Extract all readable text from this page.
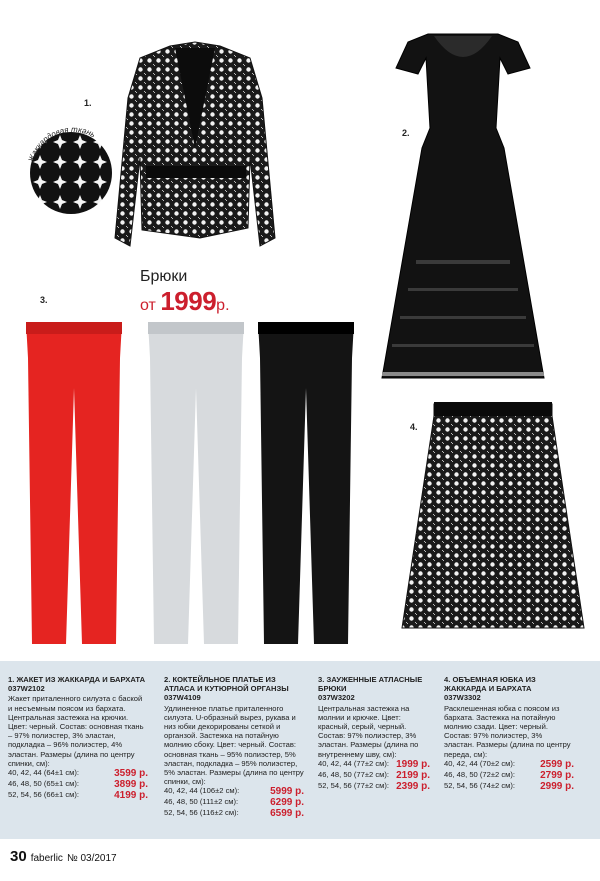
1.
Жаккардовая ткань	2.
4.
3.
Брюки
от 1999р.
1. ЖАКЕТ ИЗ ЖАККАРДА И БАРХАТА
037W2102
Жакет приталенного силуэта с баской и несъемным поясом из бархата. Центральная застежка на крючки. Цвет: черный. Состав: основная ткань – 97% полиэстер, 3% эластан, подкладка – 96% полиэстер, 4% эластан. Размеры (длина по центру спинки, см):
40, 42, 44 (64±1 см):	3599 р.
46, 48, 50 (65±1 см):	3899 р.
52, 54, 56 (66±1 см):	4199 р.
2. КОКТЕЙЛЬНОЕ ПЛАТЬЕ ИЗ АТЛАСА И КУТЮРНОЙ ОРГАНЗЫ
037W4109
Удлиненное платье приталенного силуэта. U-образный вырез, рукава и низ юбки декорированы сеткой и органзой. Застежка на потайную молнию сбоку. Цвет: черный. Состав: основная ткань – 95% полиэстер, 5% эластан, подкладка – 95% полиэстер, 5% эластан. Размеры (длина по центру спинки, см):
40, 42, 44 (106±2 см):	5999 р.
46, 48, 50 (111±2 см):	6299 р.
52, 54, 56 (116±2 см):	6599 р.
3. ЗАУЖЕННЫЕ АТЛАСНЫЕ БРЮКИ
037W3202
Центральная застежка на молнии и крючке. Цвет: красный, серый, черный. Состав: 97% полиэстер, 3% эластан. Размеры (длина по внутреннему шву, см):
40, 42, 44 (77±2 см): 1999 р.
46, 48, 50 (77±2 см): 2199 р.
52, 54, 56 (77±2 см): 2399 р.
4. ОБЪЕМНАЯ ЮБКА ИЗ ЖАККАРДА И БАРХАТА
037W3302
Расклешенная юбка с поясом из бархата. Застежка на потайную молнию сзади. Цвет: черный. Состав: 97% полиэстер, 3% эластан. Размеры (длина по центру переда, см):
40, 42, 44 (70±2 см):	2599 р.
46, 48, 50 (72±2 см):	2799 р.
52, 54, 56 (74±2 см):	2999 р.
30 faberlic № 03/2017
